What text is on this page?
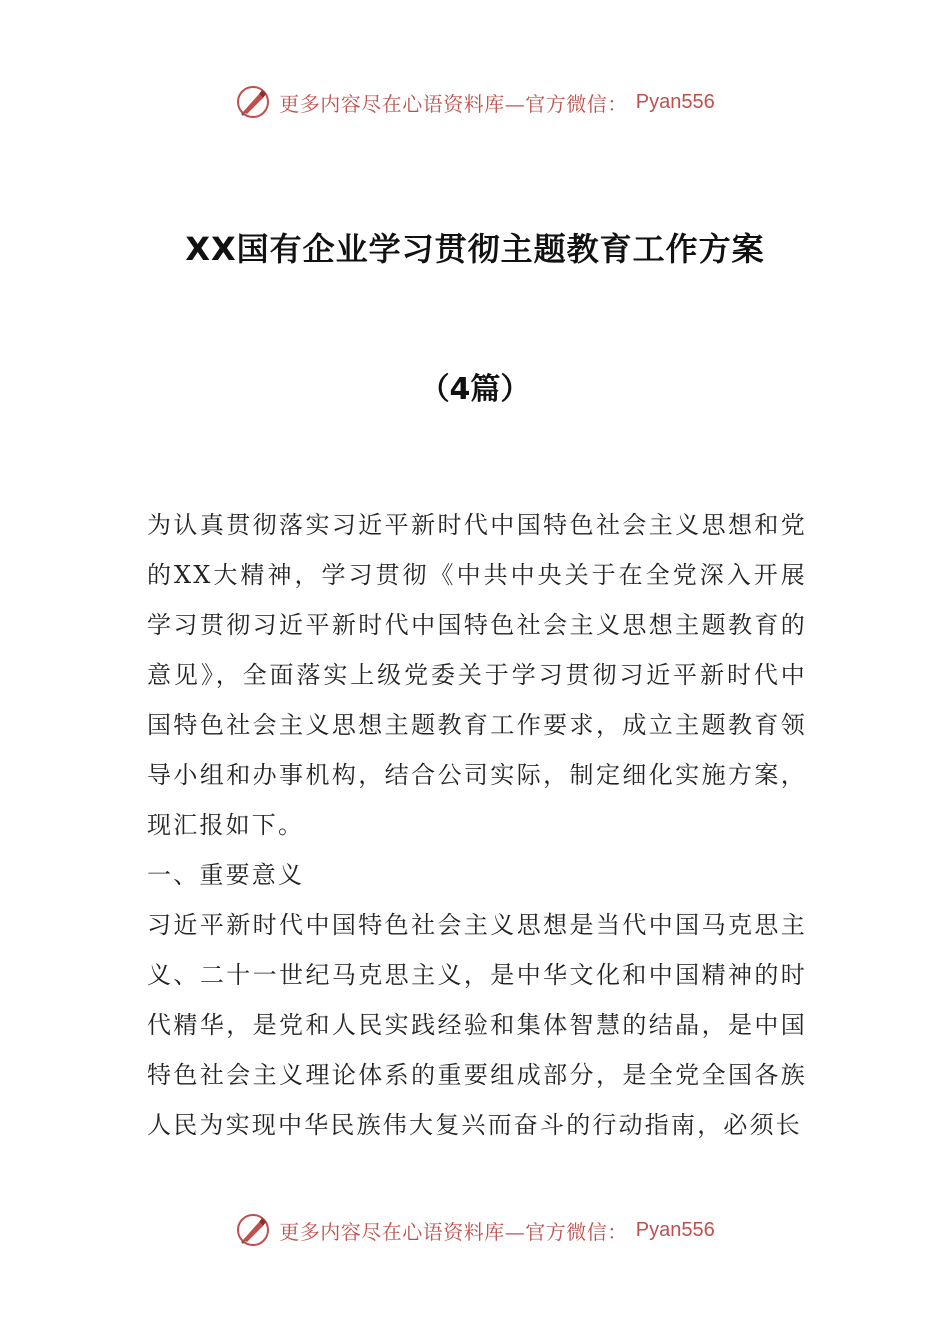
更多内容尽在心语资料库—官方微信： Pyan556
XX国有企业学习贯彻主题教育工作方案
（4篇）

为认真贯彻落实习近平新时代中国特色社会主义思想和党的XX大精神，学习贯彻《中共中央关于在全党深入开展学习贯彻习近平新时代中国特色社会主义思想主题教育的意见》，全面落实上级党委关于学习贯彻习近平新时代中国特色社会主义思想主题教育工作要求，成立主题教育领导小组和办事机构，结合公司实际，制定细化实施方案，现汇报如下。

一、重要意义

习近平新时代中国特色社会主义思想是当代中国马克思主义、二十一世纪马克思主义，是中华文化和中国精神的时代精华，是党和人民实践经验和集体智慧的结晶，是中国特色社会主义理论体系的重要组成部分，是全党全国各族人民为实现中华民族伟大复兴而奋斗的行动指南，必须长

更多内容尽在心语资料库—官方微信： Pyan556
